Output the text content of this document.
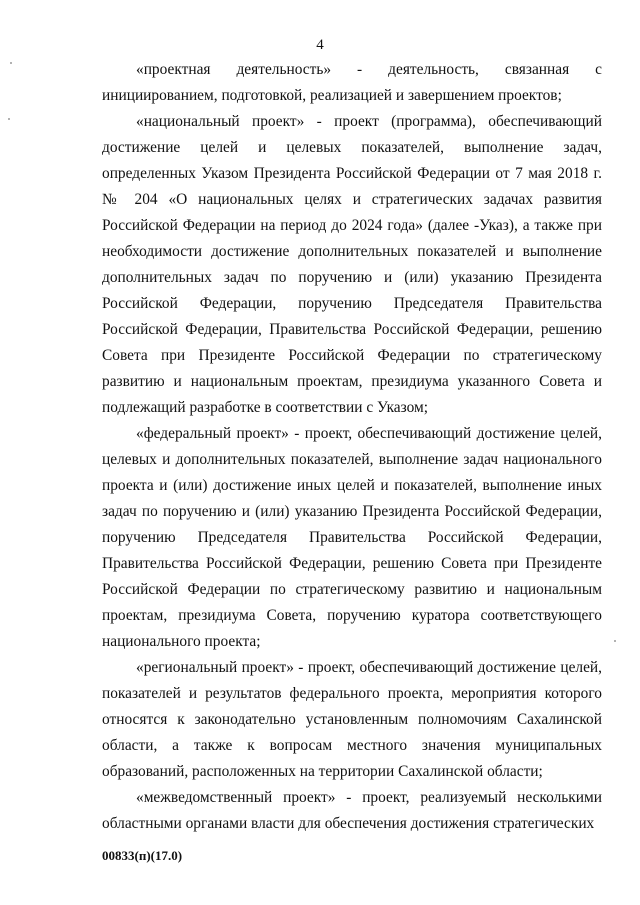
4

«проектная деятельность» - деятельность, связанная с инициированием, подготовкой, реализацией и завершением проектов;

«национальный проект» - проект (программа), обеспечивающий достижение целей и целевых показателей, выполнение задач, определенных Указом Президента Российской Федерации от 7 мая 2018 г. № 204 «О национальных целях и стратегических задачах развития Российской Федерации на период до 2024 года» (далее -Указ), а также при необходимости достижение дополнительных показателей и выполнение дополнительных задач по поручению и (или) указанию Президента Российской Федерации, поручению Председателя Правительства Российской Федерации, Правительства Российской Федерации, решению Совета при Президенте Российской Федерации по стратегическому развитию и национальным проектам, президиума указанного Совета и подлежащий разработке в соответствии с Указом;

«федеральный проект» - проект, обеспечивающий достижение целей, целевых и дополнительных показателей, выполнение задач национального проекта и (или) достижение иных целей и показателей, выполнение иных задач по поручению и (или) указанию Президента Российской Федерации, поручению Председателя Правительства Российской Федерации, Правительства Российской Федерации, решению Совета при Президенте Российской Федерации по стратегическому развитию и национальным проектам, президиума Совета, поручению куратора соответствующего национального проекта;

«региональный проект» - проект, обеспечивающий достижение целей, показателей и результатов федерального проекта, мероприятия которого относятся к законодательно установленным полномочиям Сахалинской области, а также к вопросам местного значения муниципальных образований, расположенных на территории Сахалинской области;

«межведомственный проект» - проект, реализуемый несколькими областными органами власти для обеспечения достижения стратегических

00833(п)(17.0)
